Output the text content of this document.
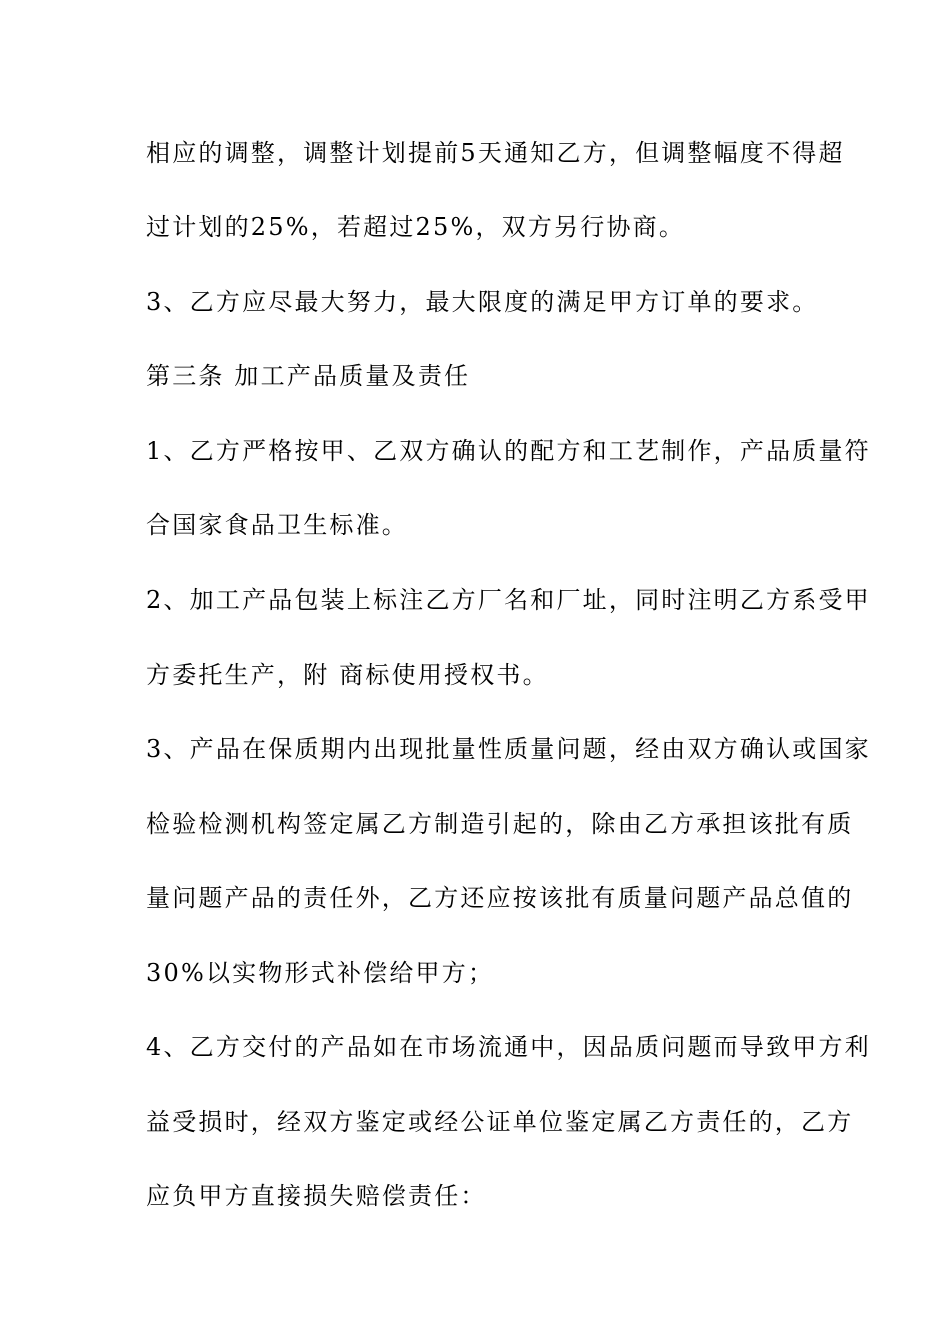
相应的调整，调整计划提前5天通知乙方，但调整幅度不得超
过计划的25%，若超过25%，双方另行协商。
3、乙方应尽最大努力，最大限度的满足甲方订单的要求。
第三条 加工产品质量及责任
1、乙方严格按甲、乙双方确认的配方和工艺制作，产品质量符
合国家食品卫生标准。
2、加工产品包装上标注乙方厂名和厂址，同时注明乙方系受甲
方委托生产，附 商标使用授权书。
3、产品在保质期内出现批量性质量问题，经由双方确认或国家
检验检测机构签定属乙方制造引起的，除由乙方承担该批有质
量问题产品的责任外，乙方还应按该批有质量问题产品总值的
30%以实物形式补偿给甲方；
4、乙方交付的产品如在市场流通中，因品质问题而导致甲方利
益受损时，经双方鉴定或经公证单位鉴定属乙方责任的，乙方
应负甲方直接损失赔偿责任：
